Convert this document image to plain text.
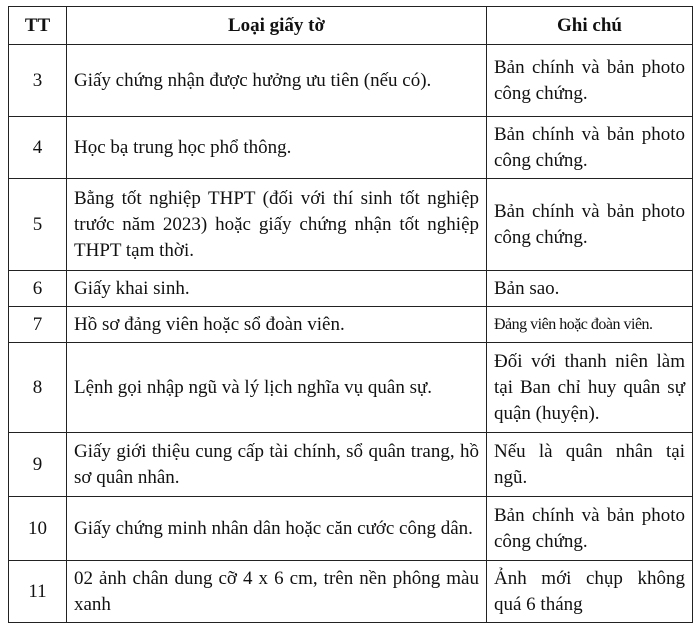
TT	Loại giấy tờ	Ghi chú
3	Giấy chứng nhận được hưởng ưu tiên (nếu có).	Bản chính và bản photo công chứng.
4	Học bạ trung học phổ thông.	Bản chính và bản photo công chứng.
5	Bằng tốt nghiệp THPT (đối với thí sinh tốt nghiệp trước năm 2023) hoặc giấy chứng nhận tốt nghiệp THPT tạm thời.	Bản chính và bản photo công chứng.
6	Giấy khai sinh.	Bản sao.
7	Hồ sơ đảng viên hoặc sổ đoàn viên.	Đảng viên hoặc đoàn viên.
8	Lệnh gọi nhập ngũ và lý lịch nghĩa vụ quân sự.	Đối với thanh niên làm tại Ban chỉ huy quân sự quận (huyện).
9	Giấy giới thiệu cung cấp tài chính, sổ quân trang, hồ sơ quân nhân.	Nếu là quân nhân tại ngũ.
10	Giấy chứng minh nhân dân hoặc căn cước công dân.	Bản chính và bản photo công chứng.
11	02 ảnh chân dung cỡ 4 x 6 cm, trên nền phông màu xanh	Ảnh mới chụp không quá 6 tháng
